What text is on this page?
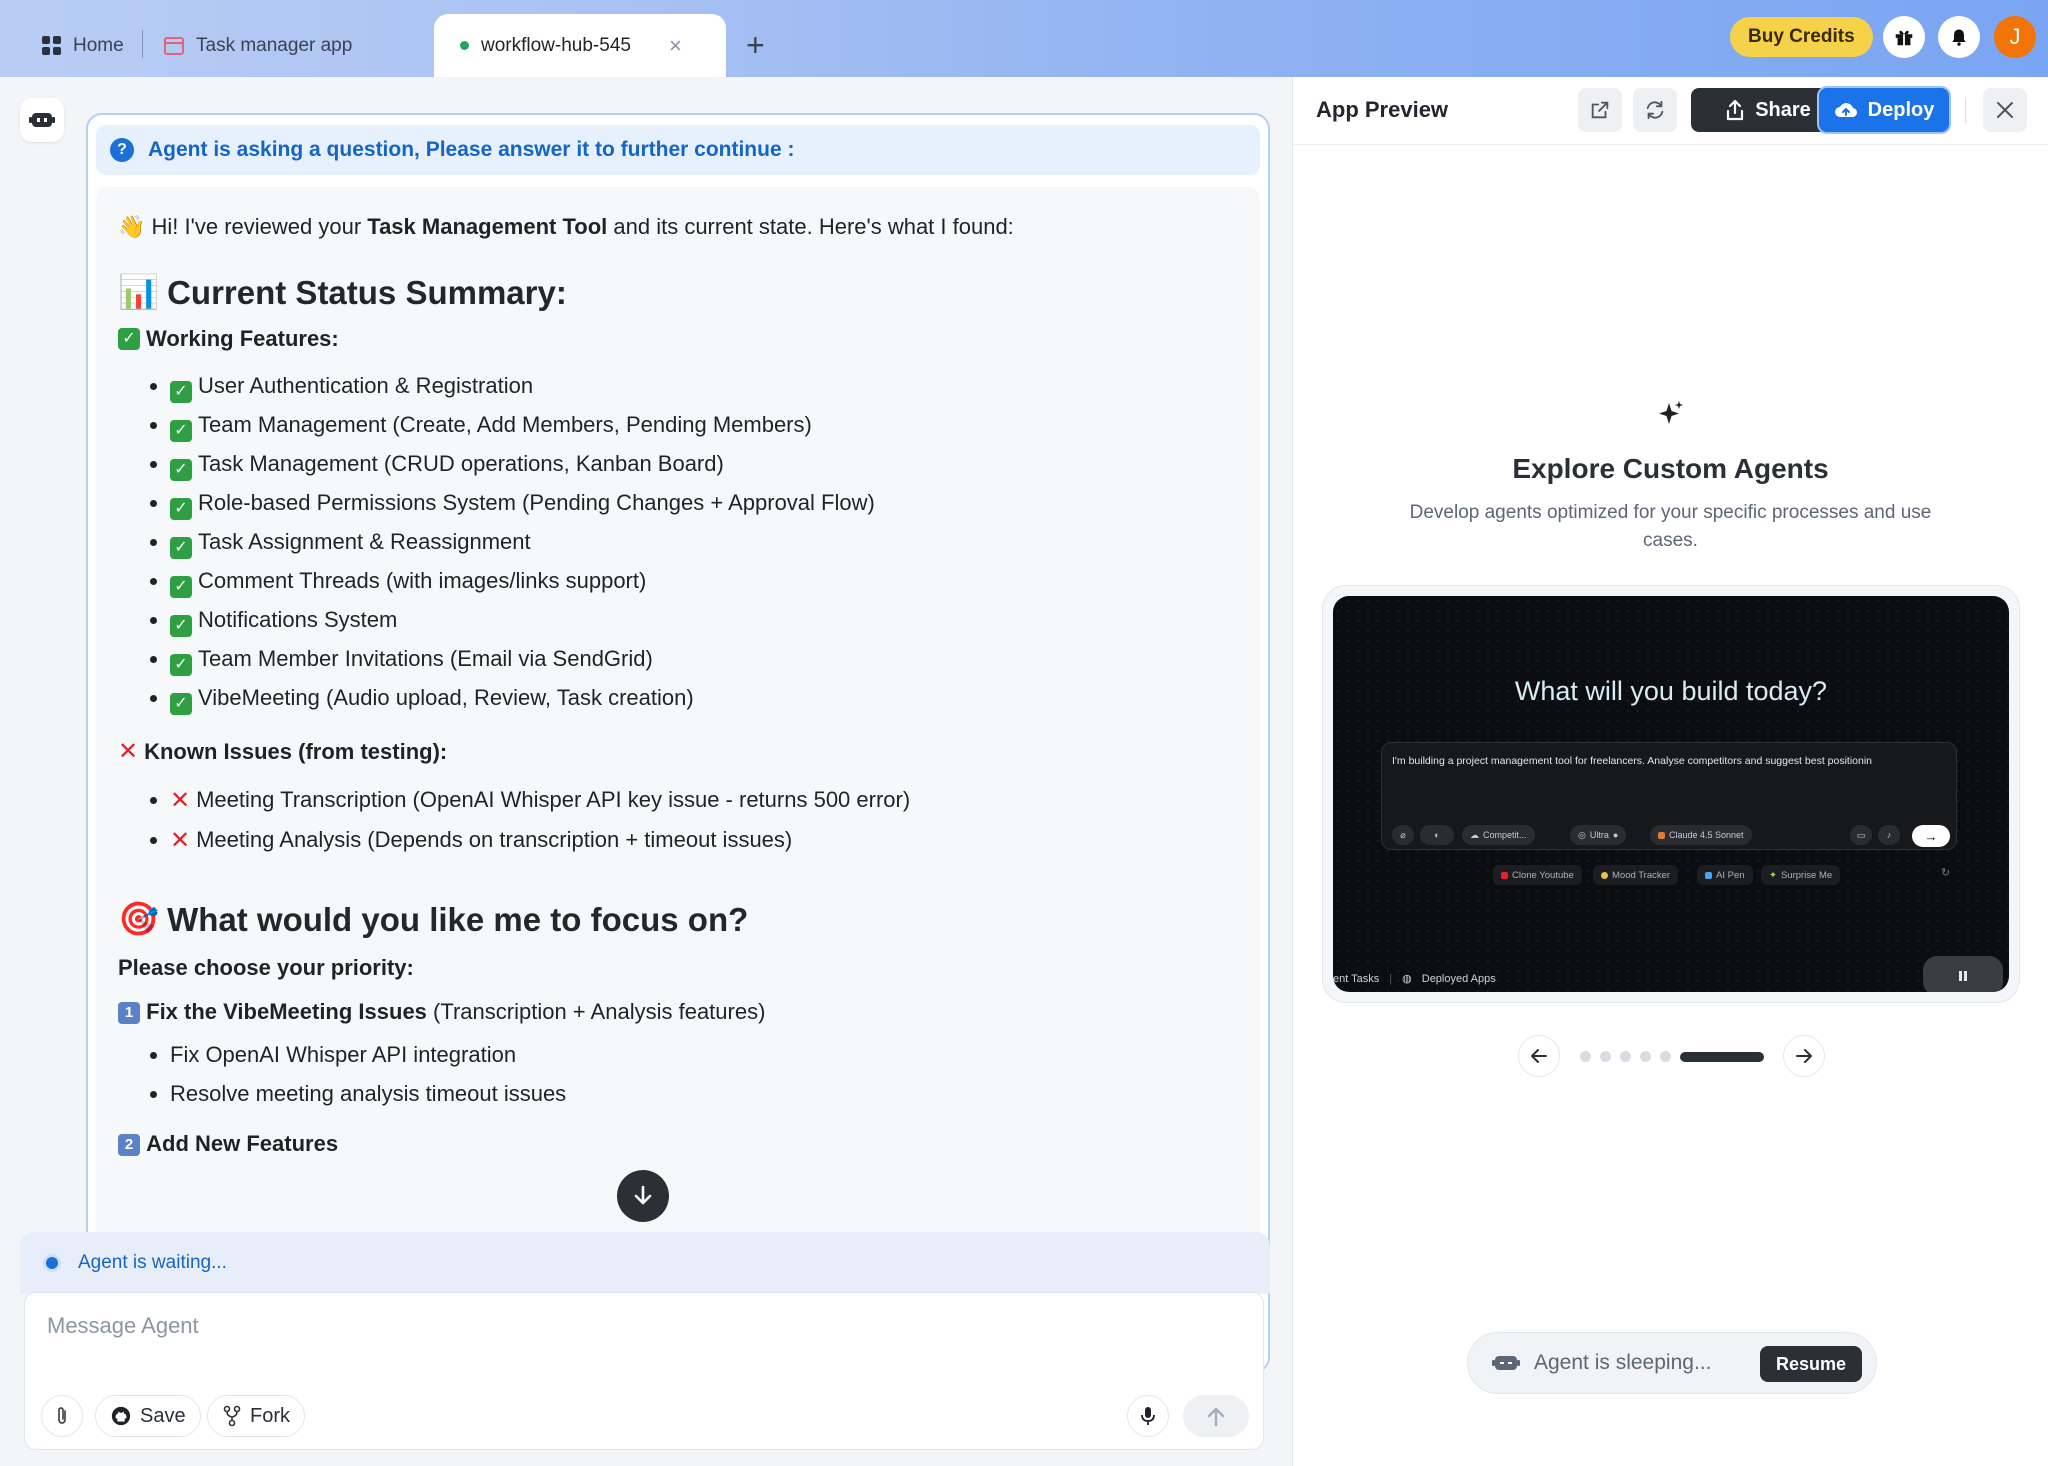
Home	Task manager app	workflow-hub-545 × +	Buy Credits	J
?	Agent is asking a question, Please answer it to further continue :

👋 Hi! I've reviewed your Task Management Tool and its current state. Here's what I found:

📊 Current Status Summary:
✓ Working Features:
• ✓ User Authentication & Registration
• ✓ Team Management (Create, Add Members, Pending Members)
• ✓ Task Management (CRUD operations, Kanban Board)
• ✓ Role-based Permissions System (Pending Changes + Approval Flow)
• ✓ Task Assignment & Reassignment
• ✓ Comment Threads (with images/links support)
• ✓ Notifications System
• ✓ Team Member Invitations (Email via SendGrid)
• ✓ VibeMeeting (Audio upload, Review, Task creation)
✕ Known Issues (from testing):
• ✕ Meeting Transcription (OpenAI Whisper API key issue - returns 500 error)
• ✕ Meeting Analysis (Depends on transcription + timeout issues)
🎯 What would you like me to focus on?
Please choose your priority:
1 Fix the VibeMeeting Issues (Transcription + Analysis features)
• Fix OpenAI Whisper API integration
• Resolve meeting analysis timeout issues
2 Add New Features
Agent is waiting...
Message Agent
Save	Fork
App Preview	Share	Deploy
Explore Custom Agents
Develop agents optimized for your specific processes and use cases.
What will you build today?
I'm building a project management tool for freelancers. Analyse competitors and suggest best positionin
⌀	◐	☁ Competit...	◎ Ultra ●	Claude 4.5 Sonnet	▭	♪	→
Clone Youtube	Mood Tracker	AI Pen	✦ Surprise Me	↻
ent Tasks | ◍ Deployed Apps
Agent is sleeping...	Resume
